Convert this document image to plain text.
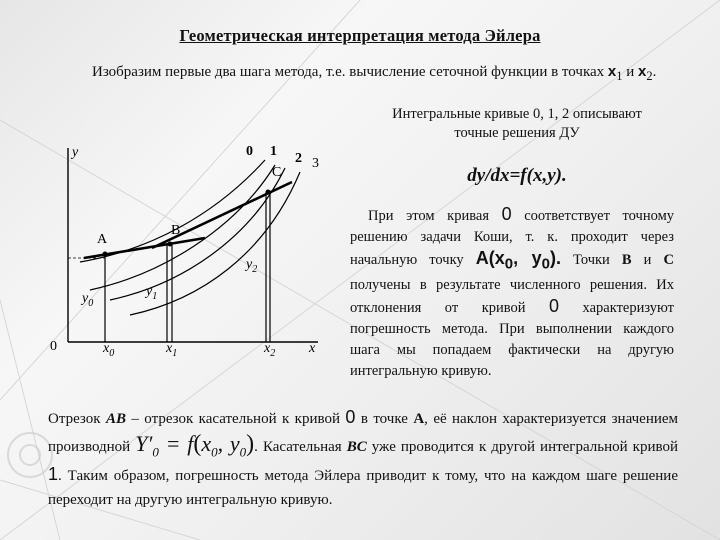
Геометрическая интерпретация метода Эйлера
Изобразим первые два шага метода, т.е. вычисление сеточной функции в точках $x_1$ и $x_2$.
Интегральные кривые 0, 1, 2 описывают
точные решения ДУ
dy/dx=f(x,y).
При этом кривая 0 соответствует точному решению задачи Коши, т. к. проходит через начальную точку $A(x_0$, $y_0$). Точки B и C получены в результате численного решения. Их отклонения от кривой 0 характеризуют погрешность метода. При выполнении каждого шага мы попадаем фактически на другую интегральную кривую.
Отрезок AB – отрезок касательной к кривой 0 в точке A, её наклон характеризуется значением производной $Y'_0 = f(x_0$, $y_0$). Касательная BC уже проводится к другой интегральной кривой 1. Таким образом, погрешность метода Эйлера приводит к тому, что на каждом шаге решение переходит на другую интегральную кривую.
y
x
0
0 1 2 3
A
B
C
$y_0$
$y_1$
$y_2$
$x_0$	$x_1$	$x_2$
